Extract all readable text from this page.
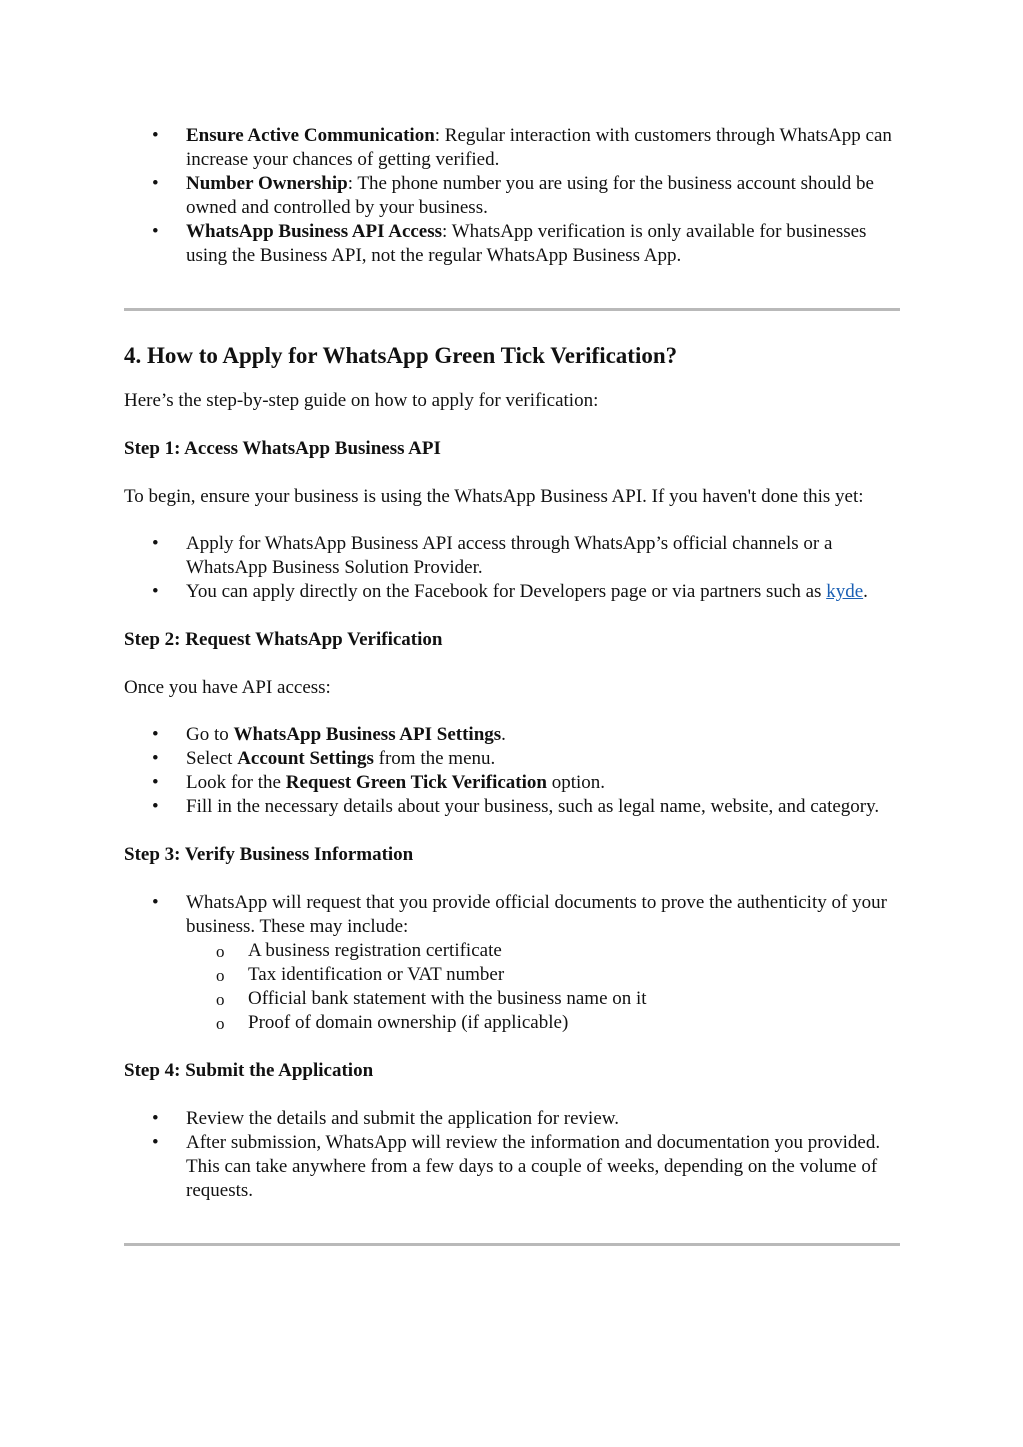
• Ensure Active Communication: Regular interaction with customers through WhatsApp can increase your chances of getting verified.
• Number Ownership: The phone number you are using for the business account should be owned and controlled by your business.
• WhatsApp Business API Access: WhatsApp verification is only available for businesses using the Business API, not the regular WhatsApp Business App.
4. How to Apply for WhatsApp Green Tick Verification?

Here’s the step-by-step guide on how to apply for verification:

Step 1: Access WhatsApp Business API

To begin, ensure your business is using the WhatsApp Business API. If you haven't done this yet:

• Apply for WhatsApp Business API access through WhatsApp’s official channels or a WhatsApp Business Solution Provider.
• You can apply directly on the Facebook for Developers page or via partners such as kyde.
Step 2: Request WhatsApp Verification

Once you have API access:

• Go to WhatsApp Business API Settings.
• Select Account Settings from the menu.
• Look for the Request Green Tick Verification option.
• Fill in the necessary details about your business, such as legal name, website, and category.
Step 3: Verify Business Information
• WhatsApp will request that you provide official documents to prove the authenticity of your business. These may include:
o A business registration certificate
o Tax identification or VAT number
o Official bank statement with the business name on it
o Proof of domain ownership (if applicable)
Step 4: Submit the Application
• Review the details and submit the application for review.
• After submission, WhatsApp will review the information and documentation you provided. This can take anywhere from a few days to a couple of weeks, depending on the volume of requests.
